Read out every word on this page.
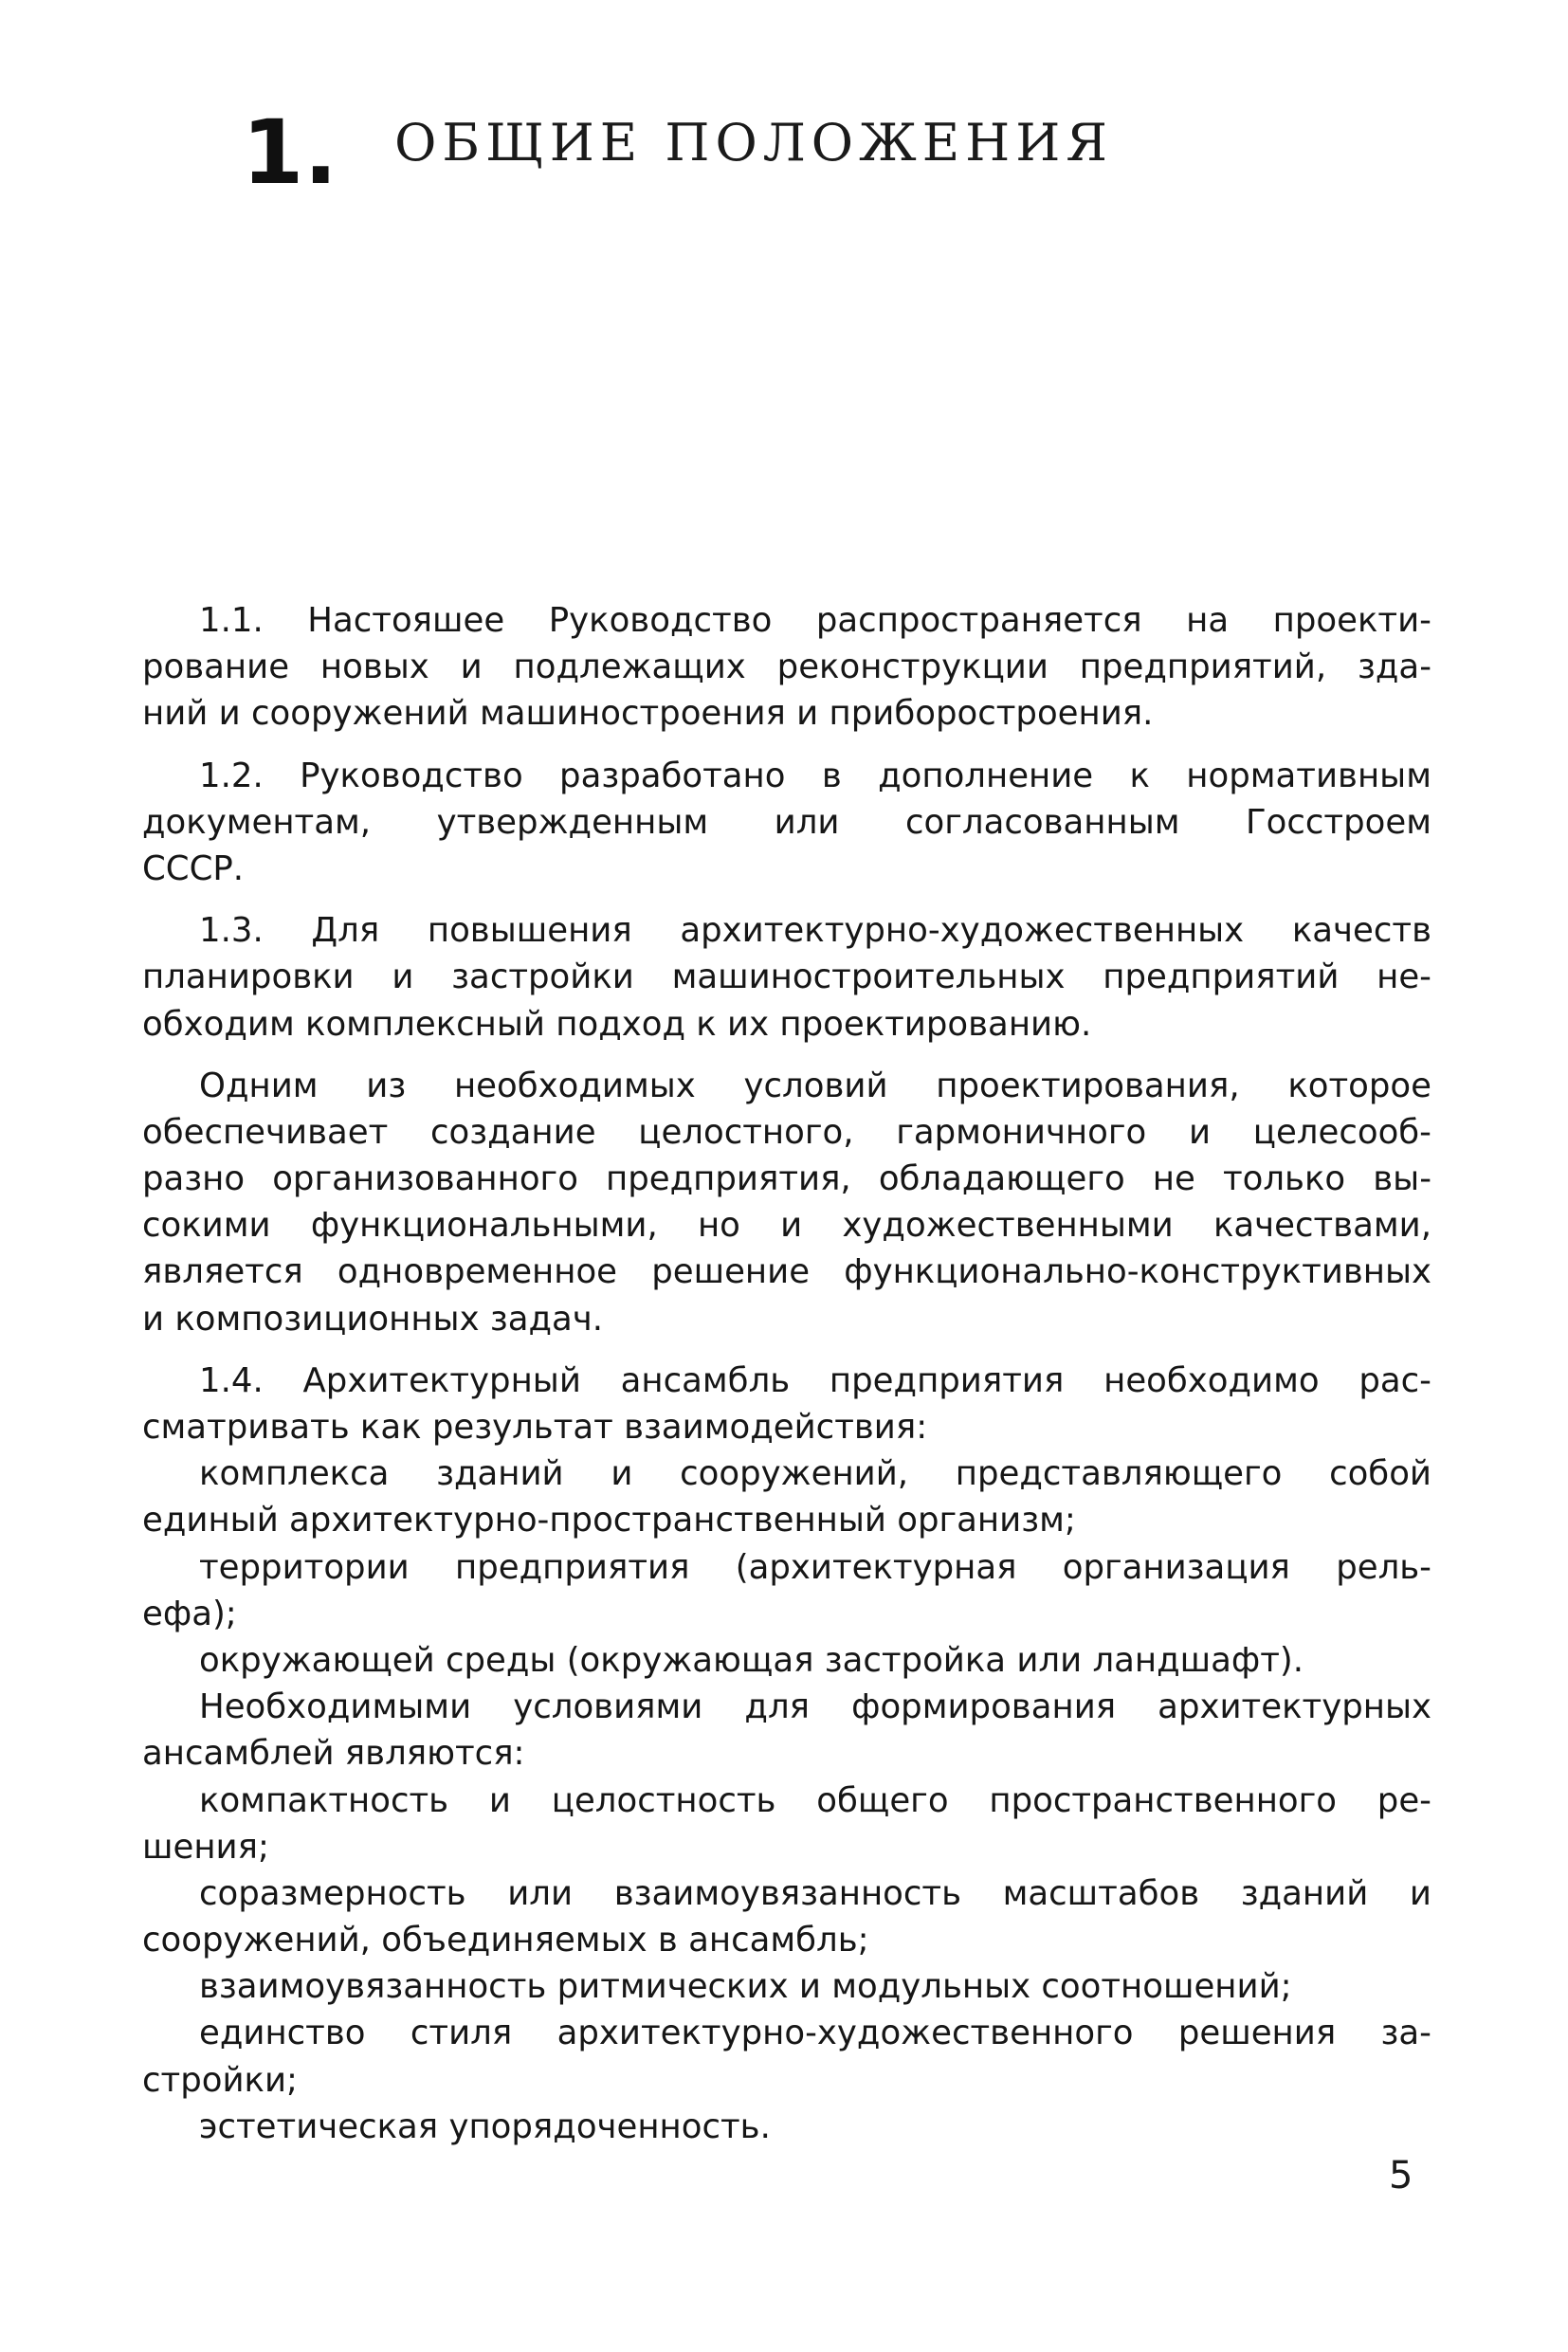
1. ОБЩИЕ ПОЛОЖЕНИЯ
1.1. Настояшее Руководство распространяется на проекти-
рование новых и подлежащих реконструкции предприятий, зда-
ний и сооружений машиностроения и приборостроения.
1.2. Руководство разработано в дополнение к нормативным
документам, утвержденным или согласованным Госстроем
СССР.
1.3. Для повышения архитектурно-художественных качеств
планировки и застройки машиностроительных предприятий не-
обходим комплексный подход к их проектированию.
Одним из необходимых условий проектирования, которое
обеспечивает создание целостного, гармоничного и целесооб-
разно организованного предприятия, обладающего не только вы-
сокими функциональными, но и художественными качествами,
является одновременное решение функционально-конструктивных
и композиционных задач.
1.4. Архитектурный ансамбль предприятия необходимо рас-
сматривать как результат взаимодействия:
комплекса зданий и сооружений, представляющего собой
единый архитектурно-пространственный организм;
территории предприятия (архитектурная организация рель-
ефа);
окружающей среды (окружающая застройка или ландшафт).
Необходимыми условиями для формирования архитектурных
ансамблей являются:
компактность и целостность общего пространственного ре-
шения;
соразмерность или взаимоувязанность масштабов зданий и
сооружений, объединяемых в ансамбль;
взаимоувязанность ритмических и модульных соотношений;
единство стиля архитектурно-художественного решения за-
стройки;
эстетическая упорядоченность.
5
